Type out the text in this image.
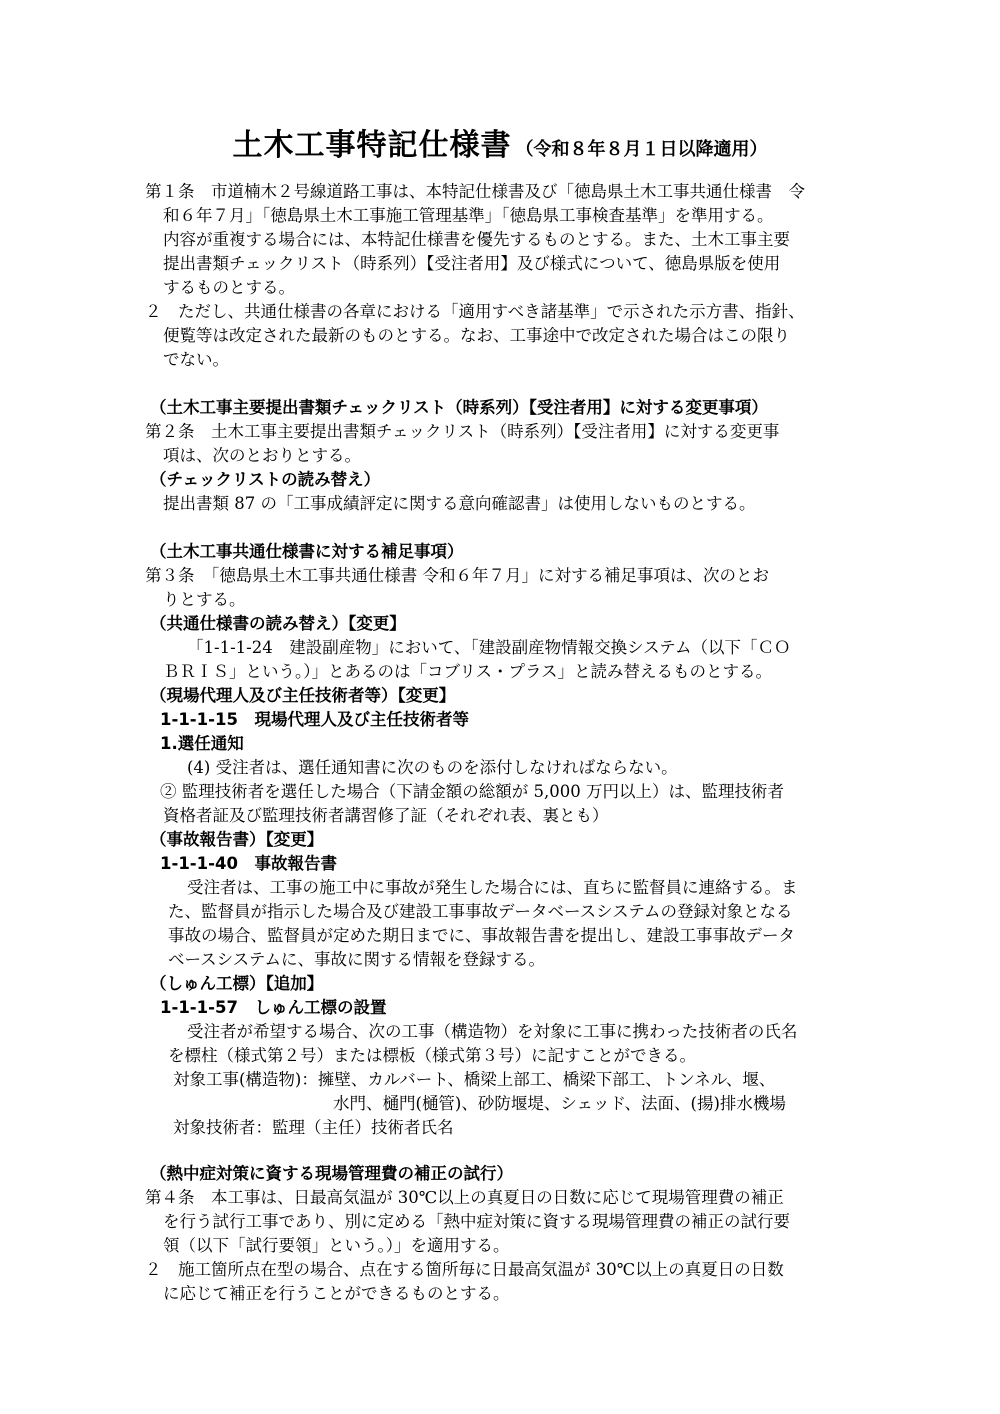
土木工事特記仕様書 （令和８年８月１日以降適用）
第１条　市道楠木２号線道路工事は、本特記仕様書及び「徳島県土木工事共通仕様書　令
和６年７月」「徳島県土木工事施工管理基準」「徳島県工事検査基準」を準用する。
内容が重複する場合には、本特記仕様書を優先するものとする。また、土木工事主要
提出書類チェックリスト（時系列）【受注者用】及び様式について、徳島県版を使用
するものとする。
２　ただし、共通仕様書の各章における「適用すべき諸基準」で示された示方書、指針、
便覧等は改定された最新のものとする。なお、工事途中で改定された場合はこの限り
でない。
（土木工事主要提出書類チェックリスト（時系列）【受注者用】に対する変更事項）
第２条　土木工事主要提出書類チェックリスト（時系列）【受注者用】に対する変更事
項は、次のとおりとする。
（チェックリストの読み替え）
提出書類 87 の「工事成績評定に関する意向確認書」は使用しないものとする。
（土木工事共通仕様書に対する補足事項）
第３条　「徳島県土木工事共通仕様書 令和６年７月」に対する補足事項は、次のとお
りとする。
（共通仕様書の読み替え）【変更】
「1-1-1-24　建設副産物」において、「建設副産物情報交換システム（以下「ＣＯ
ＢＲＩＳ」という。）」とあるのは「コブリス・プラス」と読み替えるものとする。
（現場代理人及び主任技術者等）【変更】
1-1-1-15　現場代理人及び主任技術者等
1.選任通知
(4) 受注者は、選任通知書に次のものを添付しなければならない。
② 監理技術者を選任した場合（下請金額の総額が 5,000 万円以上）は、監理技術者
資格者証及び監理技術者講習修了証（それぞれ表、裏とも）
（事故報告書）【変更】
1-1-1-40　事故報告書
受注者は、工事の施工中に事故が発生した場合には、直ちに監督員に連絡する。ま
た、監督員が指示した場合及び建設工事事故データベースシステムの登録対象となる
事故の場合、監督員が定めた期日までに、事故報告書を提出し、建設工事事故データ
ベースシステムに、事故に関する情報を登録する。
（しゅん工標）【追加】
1-1-1-57　しゅん工標の設置
受注者が希望する場合、次の工事（構造物）を対象に工事に携わった技術者の氏名
を標柱（様式第２号）または標板（様式第３号）に記すことができる。
対象工事(構造物)：擁壁、カルバート、橋梁上部工、橋梁下部工、トンネル、堰、
水門、樋門(樋管)、砂防堰堤、シェッド、法面、(揚)排水機場
対象技術者：監理（主任）技術者氏名
（熱中症対策に資する現場管理費の補正の試行）
第４条　本工事は、日最高気温が 30℃以上の真夏日の日数に応じて現場管理費の補正
を行う試行工事であり、別に定める「熱中症対策に資する現場管理費の補正の試行要
領（以下「試行要領」という。）」を適用する。
２　施工箇所点在型の場合、点在する箇所毎に日最高気温が 30℃以上の真夏日の日数
に応じて補正を行うことができるものとする。
